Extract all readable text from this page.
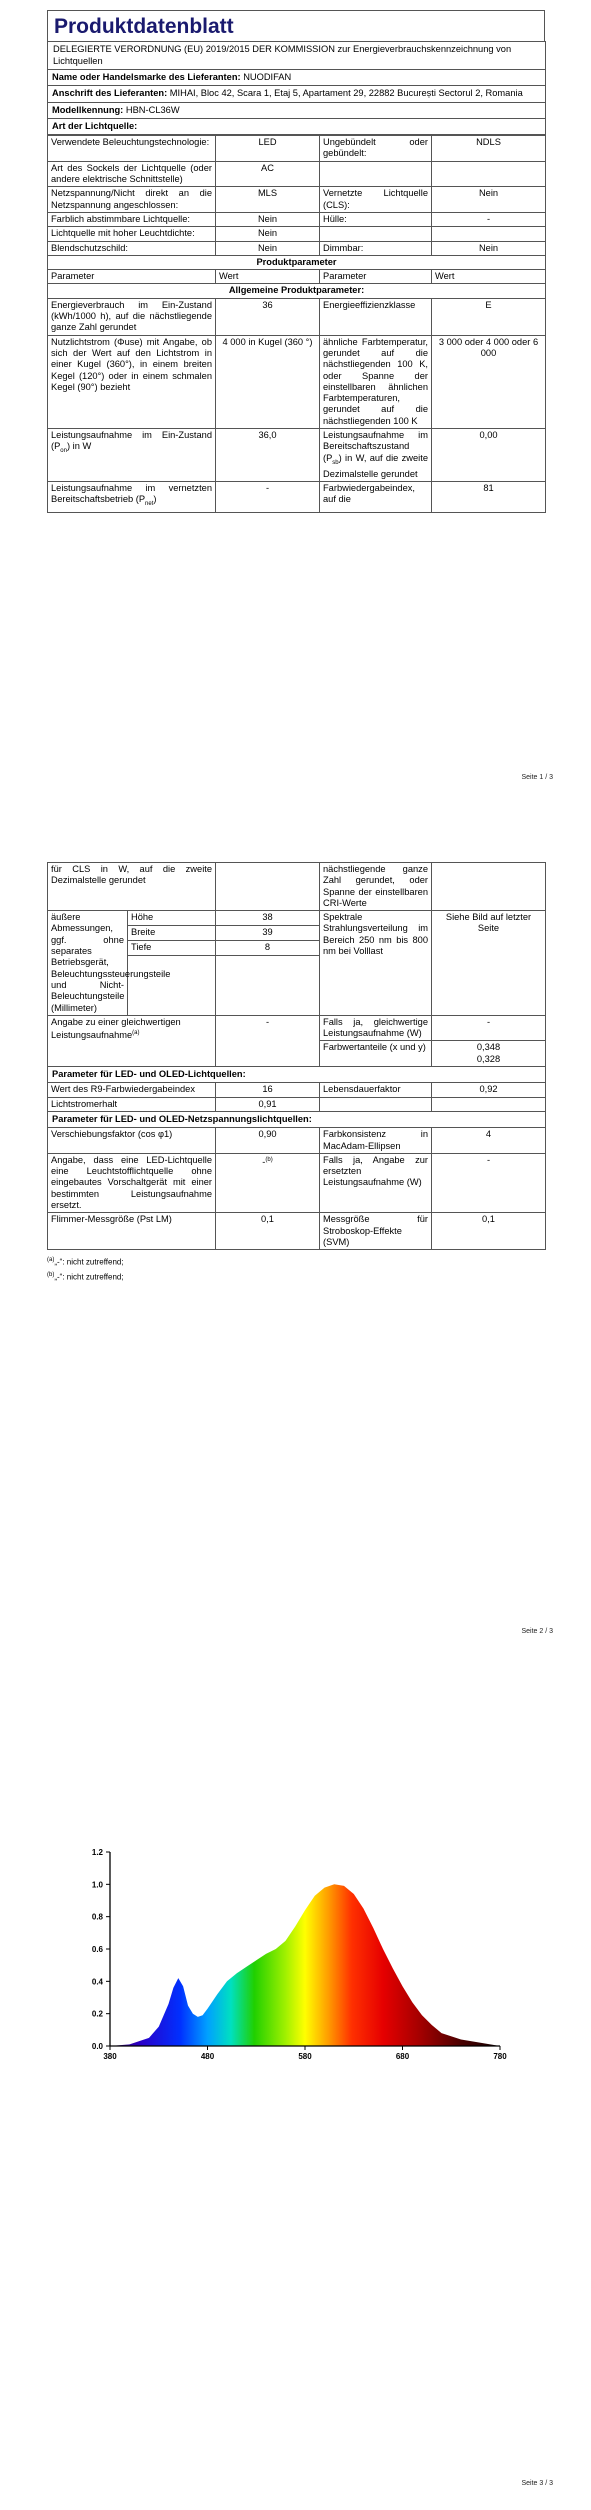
Produktdatenblatt
DELEGIERTE VERORDNUNG (EU) 2019/2015 DER KOMMISSION zur Energieverbrauchskennzeichnung von Lichtquellen
Name oder Handelsmarke des Lieferanten: NUODIFAN
Anschrift des Lieferanten: MIHAI, Bloc 42, Scara 1, Etaj 5, Apartament 29, 22882 București Sectorul 2, Romania
Modellkennung: HBN-CL36W
Art der Lichtquelle:
Verwendete Beleuchtungstechnologie:	LED	Ungebündelt oder gebündelt:	NDLS
Art des Sockels der Lichtquelle (oder andere elektrische Schnittstelle)	AC		
Netzspannung/Nicht direkt an die Netzspannung angeschlossen:	MLS	Vernetzte Lichtquelle (CLS):	Nein
Farblich abstimmbare Lichtquelle:	Nein	Hülle:	-
Lichtquelle mit hoher Leuchtdichte:	Nein		
Blendschutzschild:	Nein	Dimmbar:	Nein
Produktparameter			
Parameter	Wert	Parameter	Wert
Allgemeine Produktparameter:			
Energieverbrauch im Ein-Zustand (kWh/1000 h), auf die nächstliegende ganze Zahl gerundet	36	Energieeffizienzklasse	E
Nutzlichtstrom (Φuse) mit Angabe, ob sich der Wert auf den Lichtstrom in einer Kugel (360°), in einem breiten Kegel (120°) oder in einem schmalen Kegel (90°) bezieht	4 000 in Kugel (360 °)	ähnliche Farbtemperatur, gerundet auf die nächstliegenden 100 K, oder Spanne der einstellbaren ähnlichen Farbtemperaturen, gerundet auf die nächstliegenden 100 K	3 000 oder 4 000 oder 6 000
Leistungsaufnahme im Ein-Zustand $(P_{on})$ in W	36,0	Leistungsaufnahme im Bereitschaftszustand $(P_{sb})$ in W, auf die zweite Dezimalstelle gerundet	0,00
Leistungsaufnahme im vernetzten Bereitschaftsbetrieb $(P_{net})$	-	Farbwiedergabeindex, auf die	81
Seite 1 / 3
für CLS in W, auf die zweite Dezimalstelle gerundet			nächstliegende ganze Zahl gerundet, oder Spanne der einstellbaren CRI-Werte	
äußere Abmessungen, ggf. ohne separates Betriebsgerät, Beleuchtungssteuerungsteile und Nicht-Beleuchtungsteile (Millimeter)	Höhe	38	Spektrale Strahlungsverteilung im Bereich 250 nm bis 800 nm bei Volllast	Siehe Bild auf letzter Seite
	Breite	39		
	Tiefe	8		

Angabe zu einer gleichwertigen Leistungsaufnahme$^{(a)}$		-	Falls ja, gleichwertige Leistungsaufnahme (W)	-
			Farbwertanteile (x und y)	0,348
0,328

Parameter für LED- und OLED-Lichtquellen:				
Wert des R9-Farbwiedergabeindex		16	Lebensdauerfaktor	0,92
Lichtstromerhalt		0,91		
Parameter für LED- und OLED-Netzspannungslichtquellen:				
Verschiebungsfaktor (cos φ1)		0,90	Farbkonsistenz in MacAdam-Ellipsen	4
Angabe, dass eine LED-Lichtquelle eine Leuchtstofflichtquelle ohne eingebautes Vorschaltgerät mit einer bestimmten Leistungsaufnahme ersetzt.		-$^{(b)}$	Falls ja, Angabe zur ersetzten Leistungsaufnahme (W)	-
Flimmer-Messgröße (Pst LM)		0,1	Messgröße für Stroboskop-Effekte (SVM)	0,1
$^{(a)}$„-“: nicht zutreffend;
$^{(b)}$„-“: nicht zutreffend;
Seite 2 / 3
0.0
0.2
0.4
0.6
0.8
1.0
1.2
380	480	580	680	780
Seite 3 / 3
